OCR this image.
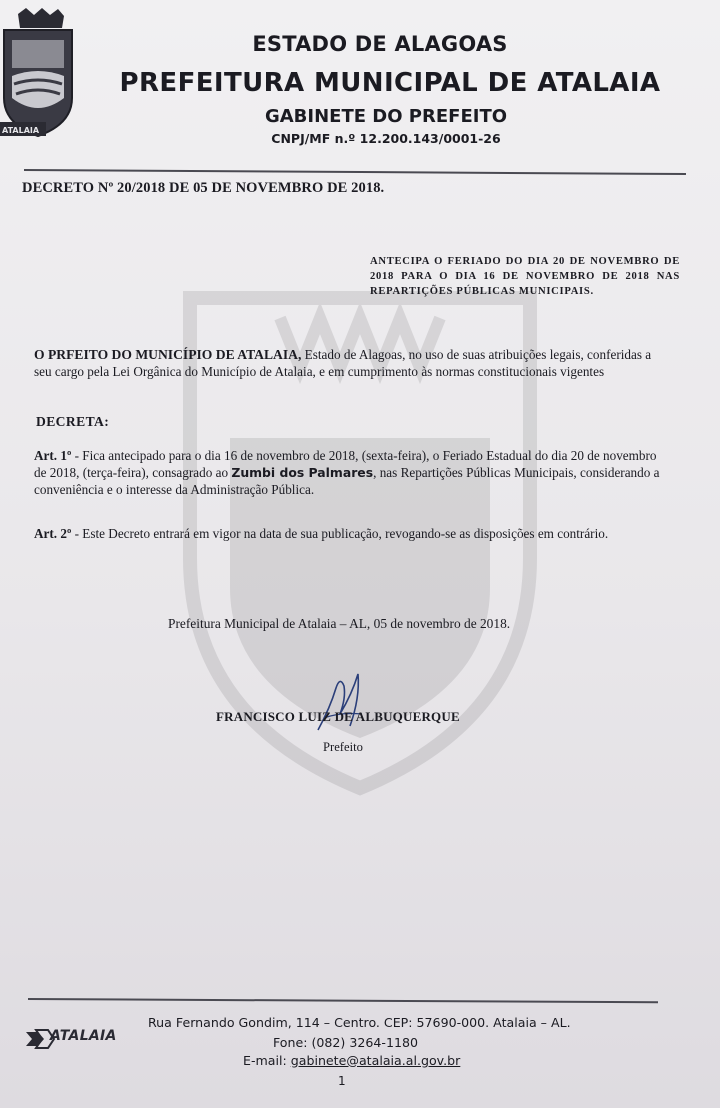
ATALAIA
ESTADO DE ALAGOAS
PREFEITURA MUNICIPAL DE ATALAIA
GABINETE DO PREFEITO
CNPJ/MF n.º 12.200.143/0001-26
DECRETO Nº 20/2018 DE 05 DE NOVEMBRO DE 2018.
ANTECIPA O FERIADO DO DIA 20 DE NOVEMBRO DE 2018 PARA O DIA 16 DE NOVEMBRO DE 2018 NAS REPARTIÇÕES PÚBLICAS MUNICIPAIS.
O PRFEITO DO MUNICÍPIO DE ATALAIA, Estado de Alagoas, no uso de suas atribuições legais, conferidas a seu cargo pela Lei Orgânica do Município de Atalaia, e em cumprimento às normas constitucionais vigentes
DECRETA:
Art. 1º - Fica antecipado para o dia 16 de novembro de 2018, (sexta-feira), o Feriado Estadual do dia 20 de novembro de 2018, (terça-feira), consagrado ao Zumbi dos Palmares, nas Repartições Públicas Municipais, considerando a conveniência e o interesse da Administração Pública.
Art. 2º - Este Decreto entrará em vigor na data de sua publicação, revogando-se as disposições em contrário.
Prefeitura Municipal de Atalaia – AL, 05 de novembro de 2018.
FRANCISCO LUIZ DE ALBUQUERQUE
Prefeito
ATALAIA
Rua Fernando Gondim, 114 – Centro. CEP: 57690-000. Atalaia – AL.
Fone: (082) 3264-1180
E-mail: gabinete@atalaia.al.gov.br
1
